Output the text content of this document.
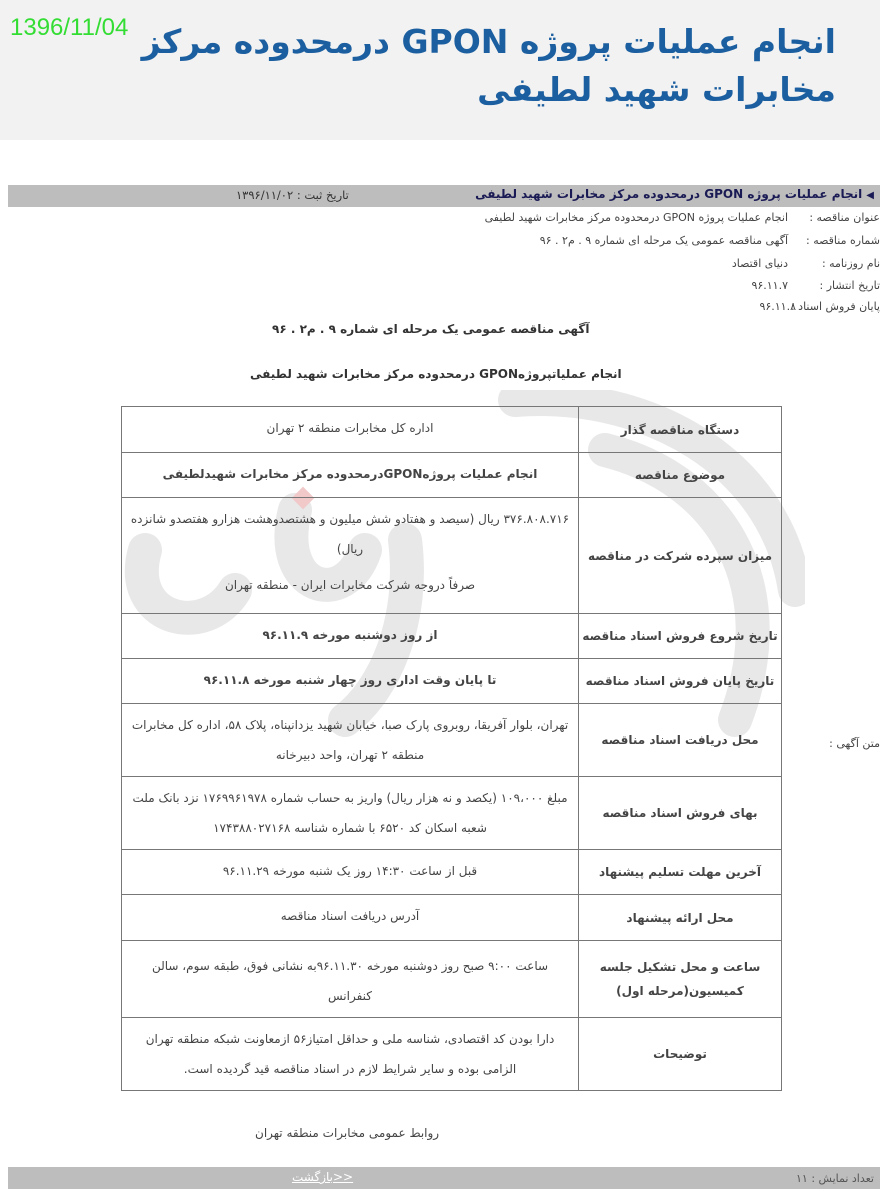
انجام عملیات پروژه GPON درمحدوده مرکز مخابرات شهید لطیفی
1396/11/04
◀انجام عملیات پروژه GPON درمحدوده مرکز مخابرات شهید لطیفی
تاریخ ثبت : ۱۳۹۶/۱۱/۰۲
عنوان مناقصه :
انجام عملیات پروژه GPON درمحدوده مرکز مخابرات شهید لطیفی
شماره مناقصه :
آگهی مناقصه عمومی یک مرحله ای شماره ۹ . م۲ . ۹۶
نام روزنامه :
دنیای اقتصاد
تاریخ انتشار :
۹۶.۱۱.۷
پایان فروش اسناد :
۹۶.۱۱.۸
متن آگهی :
آگهی مناقصه عمومی یک مرحله ای شماره ۹ . م۲ . ۹۶
انجام عملیاتپروژهGPON درمحدوده مرکز مخابرات شهید لطیفی
دستگاه مناقصه گذار	اداره کل مخابرات منطقه ۲ تهران
موضوع مناقصه	انجام عملیات پروژهGPONدرمحدوده مرکز مخابرات شهیدلطیفی
میزان سپرده شرکت در مناقصه	۳۷۶.۸۰۸.۷۱۶ ریال (سیصد و هفتادو شش میلیون و هشتصدوهشت هزارو هفتصدو شانزده ریال)
صرفاً دروجه شرکت مخابرات ایران - منطقه تهران

تاریخ شروع فروش اسناد مناقصه	از روز دوشنبه مورخه ۹۶.۱۱.۹
تاریخ پایان فروش اسناد مناقصه	تا پایان وقت اداری روز چهار شنبه مورخه ۹۶.۱۱.۸
محل دریافت اسناد مناقصه	تهران، بلوار آفریقا، روبروی پارک صبا، خیابان شهید یزدانپناه، پلاک ۵۸، اداره کل مخابرات منطقه ۲ تهران، واحد دبیرخانه
بهای فروش اسناد مناقصه	مبلغ ۱۰۹،۰۰۰ (یکصد و نه هزار ریال) واریز به حساب شماره ۱۷۶۹۹۶۱۹۷۸ نزد بانک ملت شعبه اسکان کد ۶۵۲۰ با شماره شناسه ۱۷۴۳۸۸۰۲۷۱۶۸
آخرین مهلت تسلیم پیشنهاد	قبل از ساعت ۱۴:۳۰ روز یک شنبه مورخه ۹۶.۱۱.۲۹
محل ارائه پیشنهاد	آدرس دریافت اسناد مناقصه
ساعت و محل تشکیل جلسه کمیسیون(مرحله اول)	ساعت ۹:۰۰ صبح روز دوشنبه مورخه ۹۶.۱۱.۳۰به نشانی فوق، طبقه سوم، سالن کنفرانس
توضیحات	دارا بودن کد اقتصادی، شناسه ملی و حداقل امتیاز۵۶ ازمعاونت شبکه منطقه تهران الزامی بوده و سایر شرایط لازم در اسناد مناقصه قید گردیده است.
روابط عمومی مخابرات منطقه تهران
<<بازگشت	تعداد نمایش : ۱۱
